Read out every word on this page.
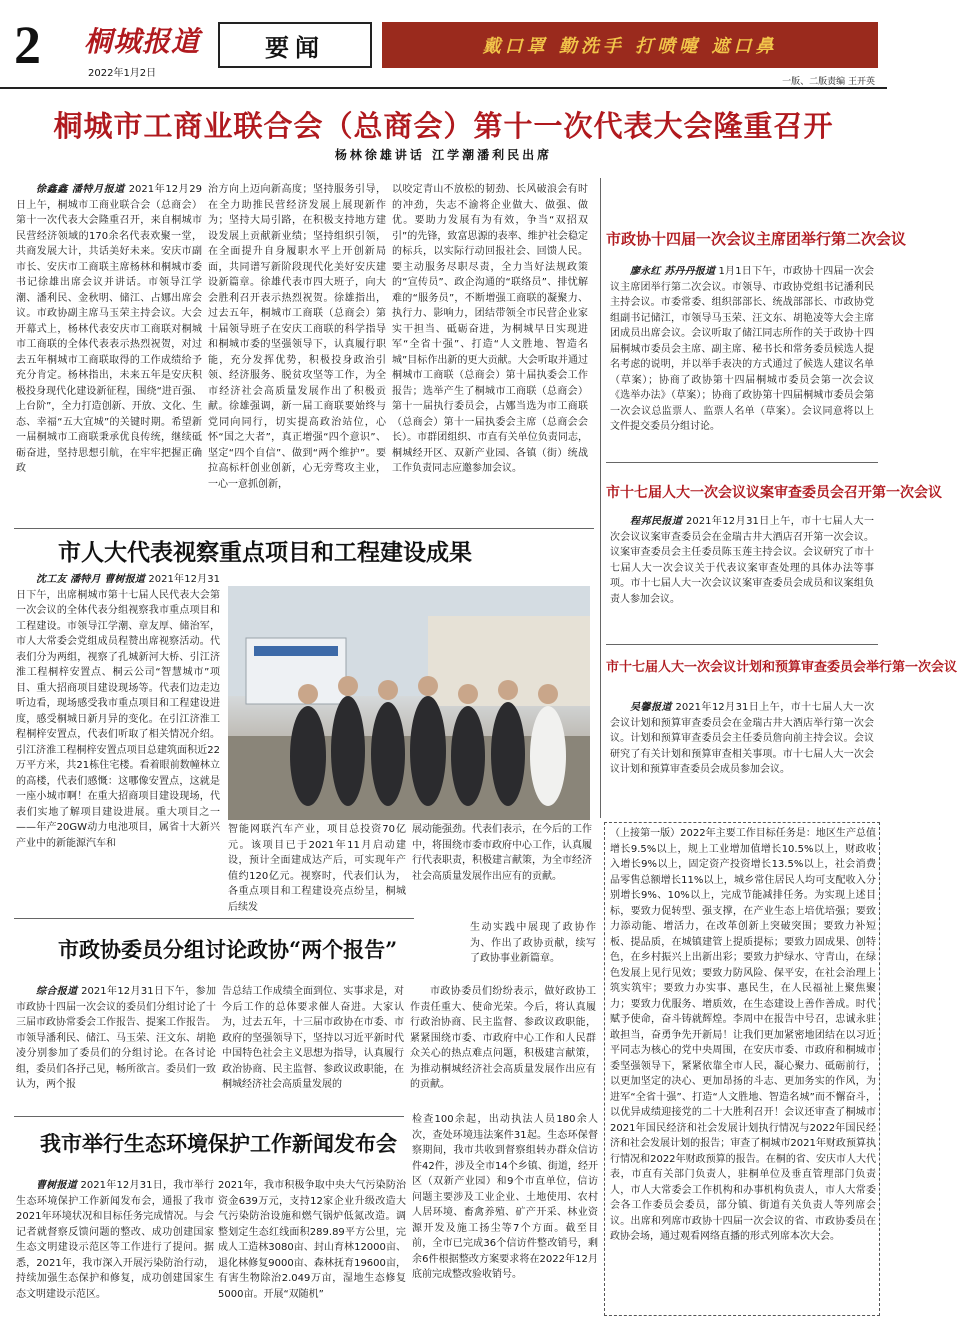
2 桐城报道
2022年1月2日
要闻	戴口罩 勤洗手 打喷嚏 遮口鼻
一版、二版责编 王开英
桐城市工商业联合会（总商会）第十一次代表大会隆重召开
杨林徐雄讲话 江学潮潘利民出席
徐鑫鑫 潘特月报道 2021年12月29日上午，桐城市工商业联合会（总商会）第十一次代表大会隆重召开，来自桐城市民营经济领域的170余名代表欢聚一堂，共商发展大计，共话美好未来。安庆市副市长、安庆市工商联主席杨林和桐城市委书记徐雄出席会议并讲话。市领导江学潮、潘利民、金秋明、储江、占娜出席会议。市政协副主席马玉荣主持会议。大会开幕式上，杨林代表安庆市工商联对桐城市工商联的全体代表表示热烈祝贺，对过去五年桐城市工商联取得的工作成绩给予充分肯定。杨林指出，未来五年是安庆积极投身现代化建设新征程，围绕“进百强、上台阶”，全力打造创新、开放、文化、生态、幸福“五大宜城”的关键时期。希望新一届桐城市工商联秉承优良传统，继续砥砺奋进，坚持思想引航，在牢牢把握正确政
治方向上迈向新高度；坚持服务引导，在全力助推民营经济发展上展现新作为；坚持大局引路，在积极支持地方建设发展上贡献新业绩；坚持组织引领，在全面提升自身履职水平上开创新局面，共同谱写新阶段现代化美好安庆建设新篇章。徐雄代表市四大班子，向大会胜利召开表示热烈祝贺。徐雄指出，过去五年，桐城市工商联（总商会）第十届领导班子在安庆工商联的科学指导和桐城市委的坚强领导下，认真履行职能，充分发挥优势，积极投身政治引领、经济服务、脱贫攻坚等工作，为全市经济社会高质量发展作出了积极贡献。徐雄强调，新一届工商联要始终与党同向同行，切实提高政治站位，心怀“国之大者”，真正增强“四个意识”、坚定“四个自信”、做到“两个维护”。要拉高标杆创业创新，心无旁骛攻主业，一心一意抓创新，
以咬定青山不放松的韧劲、长风破浪会有时的冲劲，失志不渝将企业做大、做强、做优。要助力发展有为有效，争当“双招双引”的先锋，致富思源的表率、维护社会稳定的标兵，以实际行动回报社会、回馈人民。要主动服务尽职尽责，全力当好法规政策的“宣传员”、政企沟通的“联络员”、排忧解难的“服务员”，不断增强工商联的凝聚力、执行力、影响力，团结带领全市民营企业家实干担当、砥砺奋进，为桐城早日实现进军“全省十强”、打造“人文胜地、智造名城”目标作出新的更大贡献。大会听取并通过桐城市工商联（总商会）第十届执委会工作报告；选举产生了桐城市工商联（总商会）第十一届执行委员会，占娜当选为市工商联（总商会）第十一届执委会主席（总商会会长）。市群团组织、市直有关单位负责同志，桐城经开区、双新产业园、各镇（街）统战工作负责同志应邀参加会议。
市政协十四届一次会议主席团举行第二次会议
廖永红 苏丹丹报道 1月1日下午，市政协十四届一次会议主席团举行第二次会议。市领导、市政协党组书记潘利民主持会议。市委常委、组织部部长、统战部部长、市政协党组副书记储江，市领导马玉荣、汪文东、胡艳凌等大会主席团成员出席会议。会议听取了储江同志所作的关于政协十四届桐城市委员会主席、副主席、秘书长和常务委员候选人提名考虑的说明，并以举手表决的方式通过了候选人建议名单（草案）；协商了政协第十四届桐城市委员会第一次会议《选举办法》（草案）；协商了政协第十四届桐城市委员会第一次会议总监票人、监票人名单（草案）。会议同意将以上文件提交委员分组讨论。
市十七届人大一次会议议案审查委员会召开第一次会议
程邦民报道 2021年12月31日上午，市十七届人大一次会议议案审查委员会在金瑞古井大酒店召开第一次会议。议案审查委员会主任委员陈玉莲主持会议。会议研究了市十七届人大一次会议关于代表议案审查处理的具体办法等事项。市十七届人大一次会议议案审查委员会成员和议案组负责人参加会议。
市十七届人大一次会议计划和预算审查委员会举行第一次会议
吴馨报道 2021年12月31日上午，市十七届人大一次会议计划和预算审查委员会在金瑞古井大酒店举行第一次会议。计划和预算审查委员会主任委员詹向前主持会议。会议研究了有关计划和预算审查相关事项。市十七届人大一次会议计划和预算审查委员会成员参加会议。
市人大代表视察重点项目和工程建设成果
沈工友 潘特月 曹树报道 2021年12月31日下午，出席桐城市第十七届人民代表大会第一次会议的全体代表分组视察我市重点项目和工程建设。市领导江学潮、章友厚、储治军，市人大常委会党组成员程赞出席视察活动。代表们分为两组，视察了孔城新河大桥、引江济淮工程桐梓安置点、桐云公司“智慧城市”项目、重大招商项目建设现场等。代表们边走边听边看，现场感受我市重点项目和工程建设进度，感受桐城日新月异的变化。在引江济淮工程桐梓安置点，代表们听取了相关情况介绍。引江济淮工程桐梓安置点项目总建筑面积近22万平方米，共21栋住宅楼。看着眼前数幢林立的高楼，代表们感慨：这哪像安置点，这就是一座小城市啊！在重大招商项目建设现场，代表们实地了解项目建设进展。重大项目之一——年产20GW动力电池项目，属省十大新兴产业中的新能源汽车和
智能网联汽车产业，项目总投资70亿元。该项目已于2021年11月启动建设，预计全面建成达产后，可实现年产值约120亿元。视察时，代表们认为，各重点项目和工程建设亮点纷呈，桐城后续发
展动能强劲。代表们表示，在今后的工作中，将围绕市委市政府中心工作，认真履行代表职责，积极建言献策，为全市经济社会高质量发展作出应有的贡献。
（上接第一版）2022年主要工作目标任务是：地区生产总值增长9.5%以上，规上工业增加值增长10.5%以上，财政收入增长9%以上，固定资产投资增长13.5%以上，社会消费品零售总额增长11%以上，城乡常住居民人均可支配收入分别增长9%、10%以上，完成节能减排任务。为实现上述目标，要致力促转型、强支撑，在产业生态上培优培强；要致力添动能、增活力，在改革创新上突破突围；要致力补短板、提品质，在城镇建管上提质提标；要致力固成果、创特色，在乡村振兴上出新出彩；要致力护绿水、守青山，在绿色发展上见行见效；要致力防风险、保平安，在社会治理上筑实筑牢；要致力办实事、惠民生，在人民福祉上聚焦聚力；要致力优服务、增质效，在生态建设上善作善成。时代赋予使命，奋斗铸就辉煌。李周中在报告中号召，忠诚永驻敢担当，奋勇争先开新局！让我们更加紧密地团结在以习近平同志为核心的党中央周围，在安庆市委、市政府和桐城市委坚强领导下，紧紧依靠全市人民，凝心聚力、砥砺前行，以更加坚定的决心、更加昂扬的斗志、更加务实的作风，为进军“全省十强”、打造“人文胜地、智造名城”而不懈奋斗，以优异成绩迎接党的二十大胜利召开！会议还审查了桐城市2021年国民经济和社会发展计划执行情况与2022年国民经济和社会发展计划的报告；审查了桐城市2021年财政预算执行情况和2022年财政预算的报告。在桐的省、安庆市人大代表，市直有关部门负责人，驻桐单位及垂直管理部门负责人，市人大常委会工作机构和办事机构负责人，市人大常委会各工作委员会委员，部分镇、街道有关负责人等列席会议。出席和列席市政协十四届一次会议的省、市政协委员在政协会场，通过观看网络直播的形式列席本次大会。
生动实践中展现了政协作为、作出了政协贡献，续写了政协事业新篇章。
市政协委员分组讨论政协“两个报告”
综合报道 2021年12月31日下午，参加市政协十四届一次会议的委员们分组讨论了十三届市政协常委会工作报告、提案工作报告。市领导潘利民、储江、马玉荣、汪文东、胡艳凌分别参加了委员们的分组讨论。在各讨论组，委员们各抒己见，畅所欲言。委员们一致认为，两个报
告总结工作成绩全面到位、实事求是，对今后工作的总体要求催人奋进。大家认为，过去五年，十三届市政协在市委、市政府的坚强领导下，坚持以习近平新时代中国特色社会主义思想为指导，认真履行政治协商、民主监督、参政议政职能，在桐城经济社会高质量发展的
市政协委员们纷纷表示，做好政协工作责任重大、使命光荣。今后，将认真履行政治协商、民主监督、参政议政职能，紧紧围绕市委、市政府中心工作和人民群众关心的热点难点问题，积极建言献策，为推动桐城经济社会高质量发展作出应有的贡献。
我市举行生态环境保护工作新闻发布会
曹树报道 2021年12月31日，我市举行生态环境保护工作新闻发布会，通报了我市2021年环境状况和目标任务完成情况。与会记者就督察反馈问题的整改、成功创建国家生态文明建设示范区等工作进行了提问。据悉，2021年，我市深入开展污染防治行动，持续加强生态保护和修复，成功创建国家生态文明建设示范区。
2021年，我市积极争取中央大气污染防治资金639万元，支持12家企业升级改造大气污染防治设施和燃气锅炉低氮改造。调整划定生态红线面积289.89平方公里，完成人工造林3080亩、封山育林12000亩、退化林修复9000亩、森林抚育19600亩，有害生物除治2.049万亩，湿地生态修复5000亩。开展“双随机”
检查100余起，出动执法人员180余人次，查处环境违法案件31起。生态环保督察期间，我市共收到督察组转办群众信访件42件，涉及全市14个乡镇、街道，经开区（双新产业园）和9个市直单位，信访问题主要涉及工业企业、土地使用、农村人居环境、畜禽养殖、矿产开采、林业资源开发及施工扬尘等7个方面。截至目前，全市已完成36个信访件整改销号，剩余6件根据整改方案要求将在2022年12月底前完成整改验收销号。
